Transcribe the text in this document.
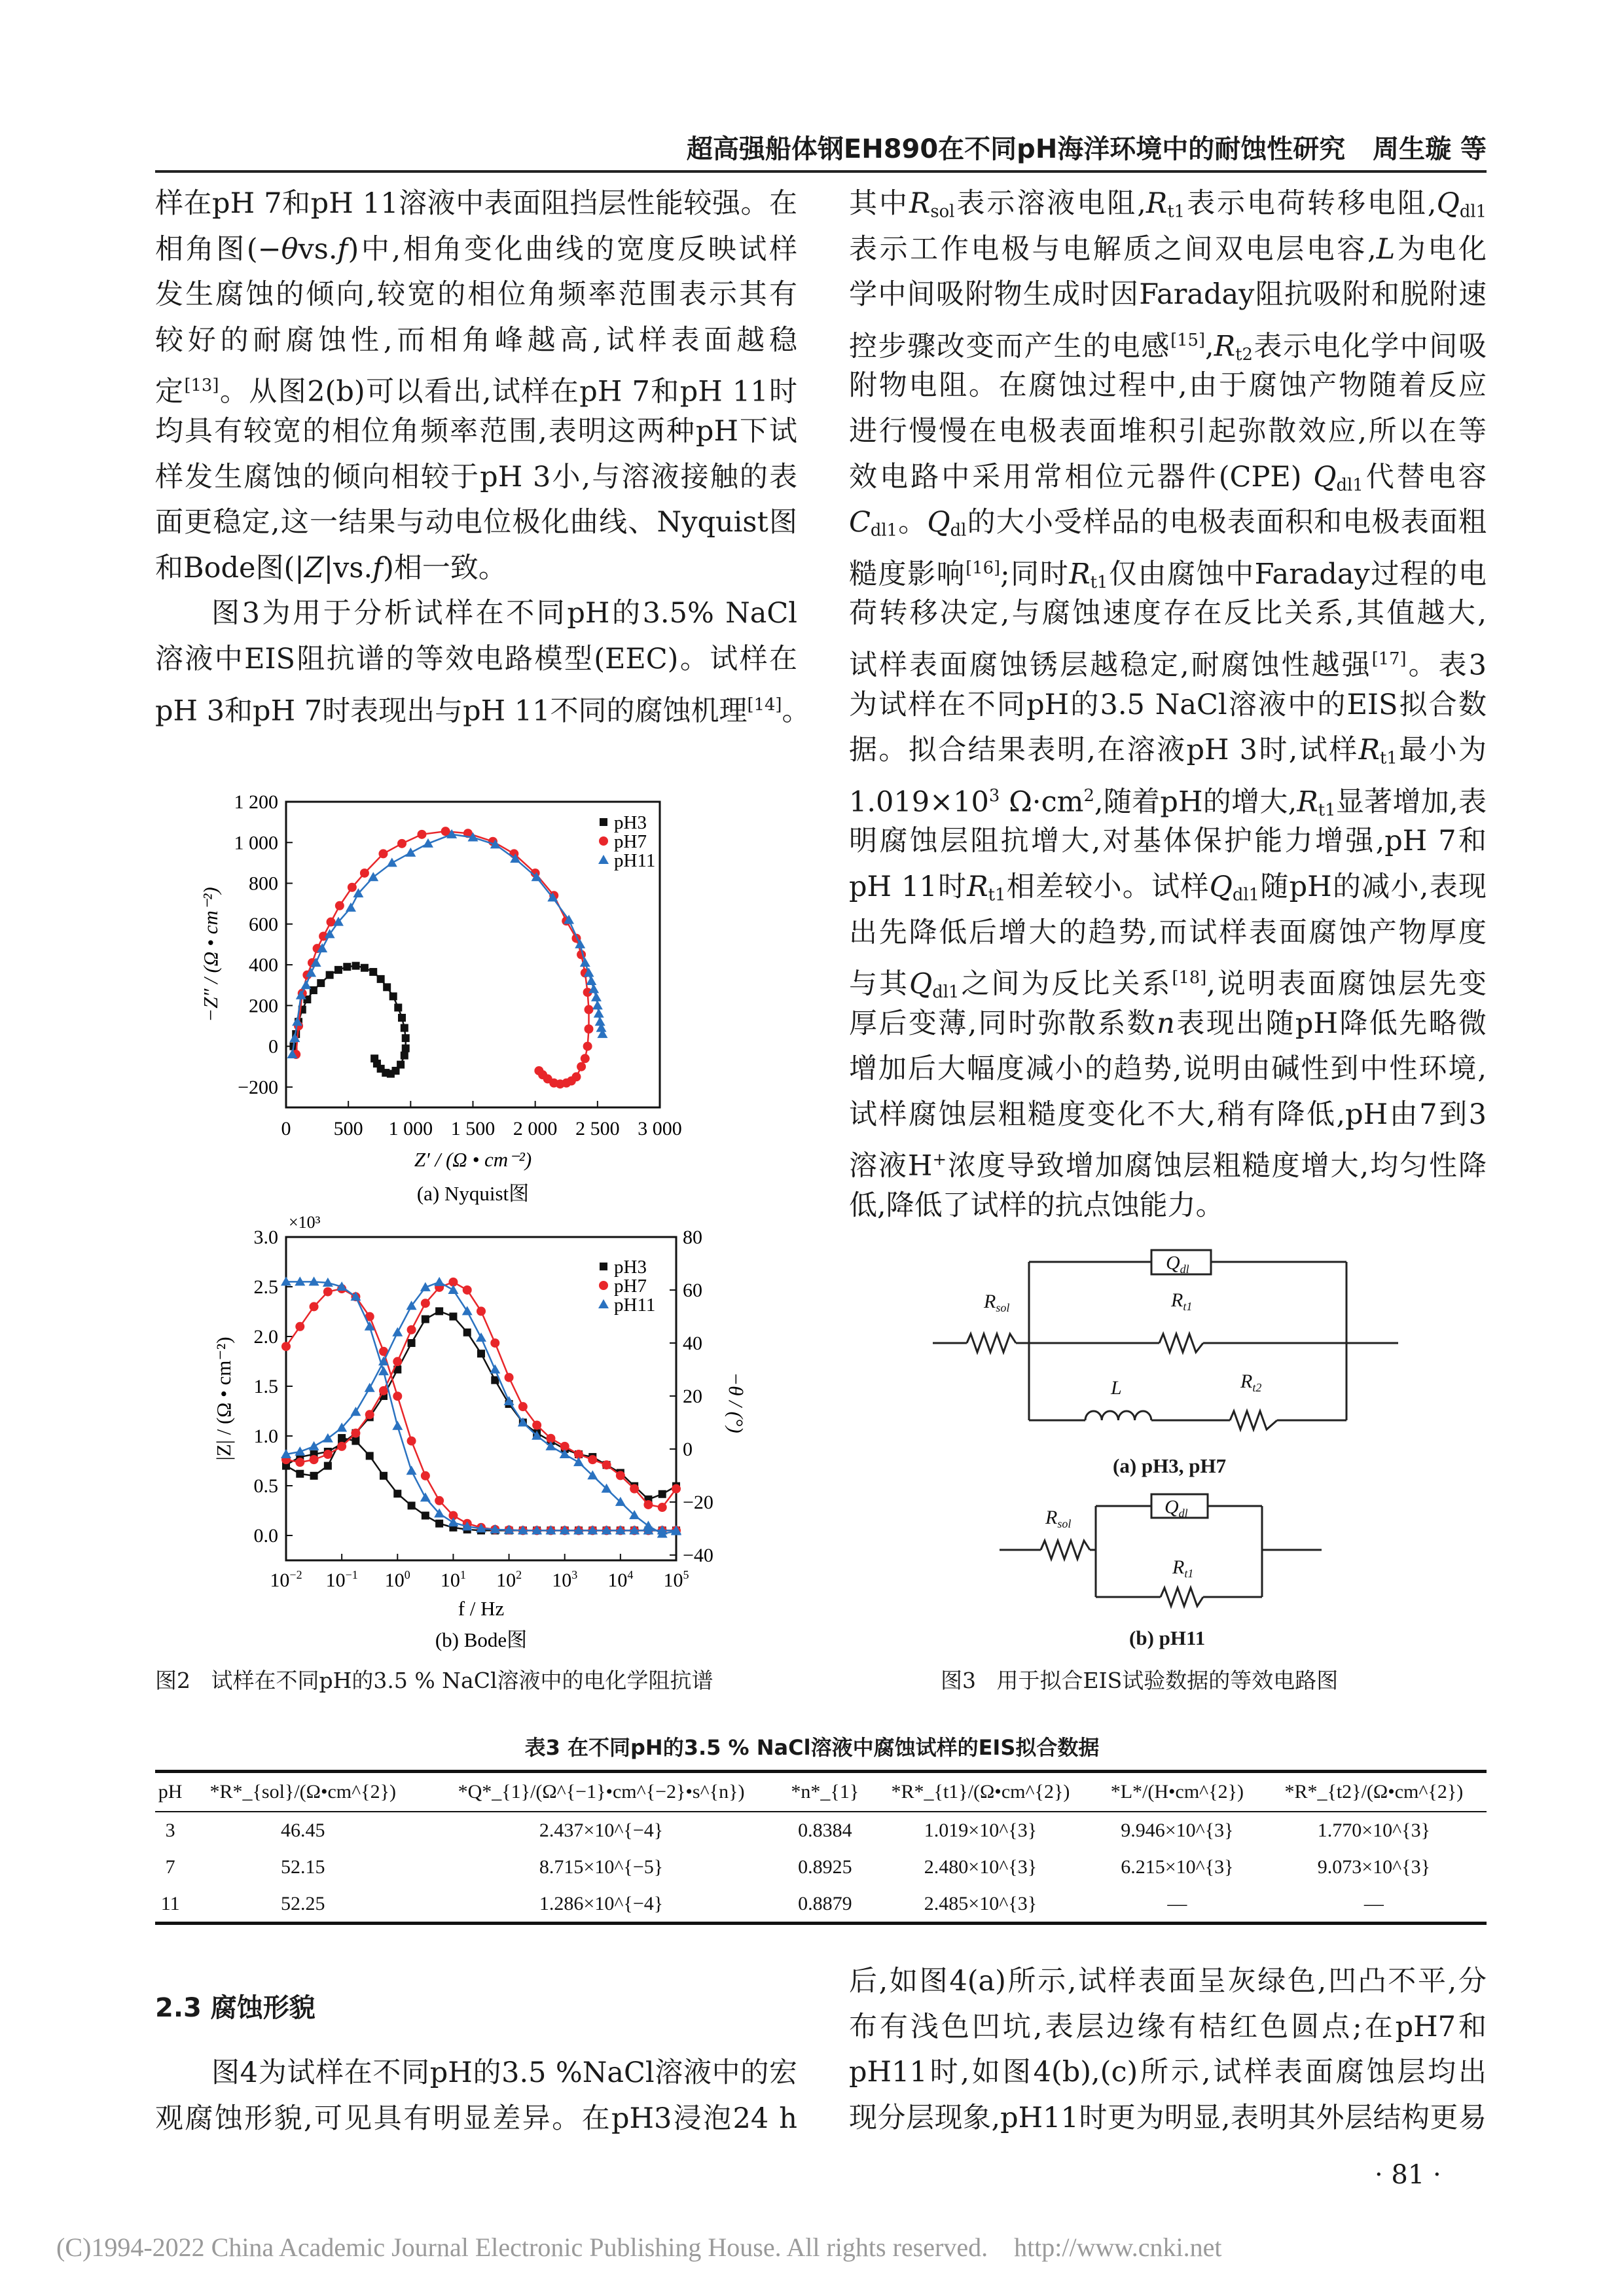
超高强船体钢EH890在不同pH海洋环境中的耐蚀性研究   周生璇 等
样在pH 7和pH 11溶液中表面阻挡层性能较强。在
相角图(−θvs.f)中,相角变化曲线的宽度反映试样
发生腐蚀的倾向,较宽的相位角频率范围表示其有
较好的耐腐蚀性,而相角峰越高,试样表面越稳
定[13]。从图2(b)可以看出,试样在pH 7和pH 11时
均具有较宽的相位角频率范围,表明这两种pH下试
样发生腐蚀的倾向相较于pH 3小,与溶液接触的表
面更稳定,这一结果与动电位极化曲线、Nyquist图
和Bode图(|Z|vs.f)相一致。
图3为用于分析试样在不同pH的3.5% NaCl
溶液中EIS阻抗谱的等效电路模型(EEC)。试样在
pH 3和pH 7时表现出与pH 11不同的腐蚀机理[14]。
其中$R_{sol}$表示溶液电阻$,R_{t1}$表示电荷转移电阻$,Q_{dl1}$
表示工作电极与电解质之间双电层电容,L为电化
学中间吸附物生成时因Faraday阻抗吸附和脱附速
控步骤改变而产生的电感$[15],R_{t2}$表示电化学中间吸
附物电阻。在腐蚀过程中,由于腐蚀产物随着反应
进行慢慢在电极表面堆积引起弥散效应,所以在等
效电路中采用常相位元器件(CPE) $Q_{dl1}$代替电容
$C_{dl1}$。$Q_{dl}$的大小受样品的电极表面积和电极表面粗
糙度影响[16];同时$R_{t1}$仅由腐蚀中Faraday过程的电
荷转移决定,与腐蚀速度存在反比关系,其值越大,
试样表面腐蚀锈层越稳定,耐腐蚀性越强[17]。表3
为试样在不同pH的3.5 NaCl溶液中的EIS拟合数
据。拟合结果表明,在溶液pH 3时,试样$R_{t1}$最小为
$1.019\times 10^3$ $\Omega\cdot cm^2$,随着pH的增大$,R_{t1}$显著增加,表
明腐蚀层阻抗增大,对基体保护能力增强,pH 7和
pH 11时$R_{t1}$相差较小。试样$Q_{dl1}$随pH的减小,表现
出先降低后增大的趋势,而试样表面腐蚀产物厚度
与其$Q_{dl1}$之间为反比关系[18],说明表面腐蚀层先变
厚后变薄,同时弥散系数n表现出随pH降低先略微
增加后大幅度减小的趋势,说明由碱性到中性环境,
试样腐蚀层粗糙度变化不大,稍有降低,pH由7到3
溶液H+浓度导致增加腐蚀层粗糙度增大,均匀性降
低,降低了试样的抗点蚀能力。
0 500 1 000 1 500 2 000 2 500 3 000
−200
0
200
400
600
800
1 000
1 200
Z′ / (Ω • cm⁻²)
−Z″ / (Ω • cm⁻²)
(a) Nyquist图
pH3
pH7
pH11
$10^{-2}$ $10^{-1}$ $10^0$ $10^1$ $10^2$ $10^3$ $10^4$ $10^5$
0.0
0.5
1.0
1.5
2.0
2.5
3.0
−40
−20
0
20
40
60
80
×10³
f / Hz
|Z| / (Ω • cm⁻²)	−θ / (°)
(b) Bode图
pH3
pH7
pH11	$R_{sol}$
$Q_{dl}$
$R_{t1}$
L	$R_{t2}$
(a) pH3, pH7
$R_{sol}$
$Q_{dl}$
$R_{t1}$
(b) pH11
图2   试样在不同pH的3.5 % NaCl溶液中的电化学阻抗谱	图3   用于拟合EIS试验数据的等效电路图
表3 在不同pH的3.5 % NaCl溶液中腐蚀试样的EIS拟合数据
pH	*R*_{sol}/(Ω•cm^{2})	*Q*_{1}/(Ω^{−1}•cm^{−2}•s^{n})	*n*_{1}	*R*_{t1}/(Ω•cm^{2})	*L*/(H•cm^{2})	*R*_{t2}/(Ω•cm^{2})
3	46.45	2.437×10^{−4}	0.8384	1.019×10^{3}	9.946×10^{3}	1.770×10^{3}
7	52.15	8.715×10^{−5}	0.8925	2.480×10^{3}	6.215×10^{3}	9.073×10^{3}
11	52.25	1.286×10^{−4}	0.8879	2.485×10^{3}	—	—
2.3 腐蚀形貌
图4为试样在不同pH的3.5 %NaCl溶液中的宏
观腐蚀形貌,可见具有明显差异。在pH3浸泡24 h
后,如图4(a)所示,试样表面呈灰绿色,凹凸不平,分
布有浅色凹坑,表层边缘有桔红色圆点;在pH7和
pH11时,如图4(b),(c)所示,试样表面腐蚀层均出
现分层现象,pH11时更为明显,表明其外层结构更易
· 81 ·
(C)1994-2022 China Academic Journal Electronic Publishing House. All rights reserved.    http://www.cnki.net
